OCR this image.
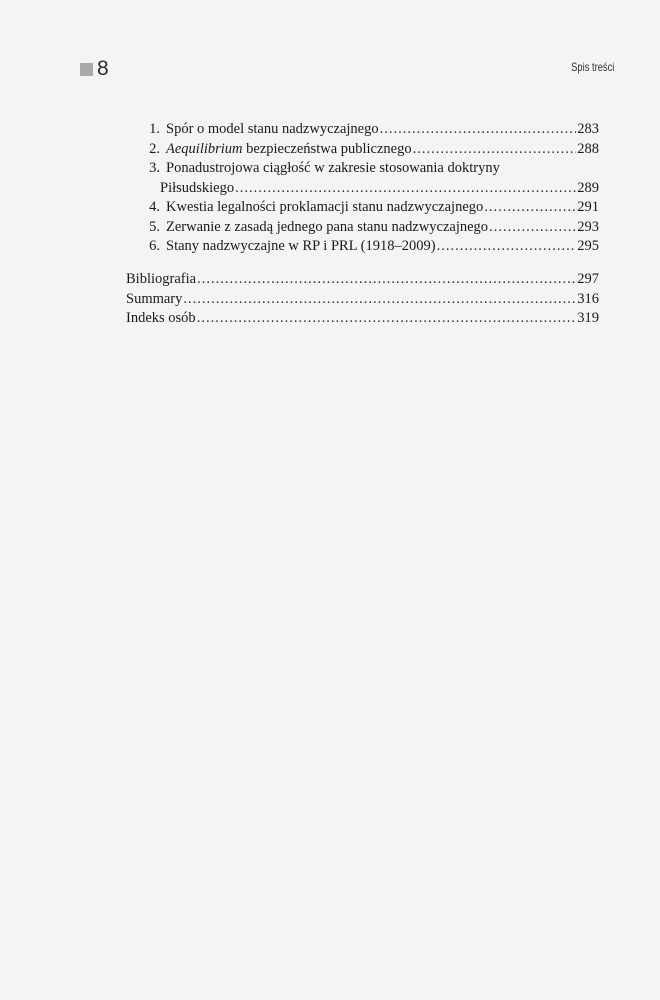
8	Spis treści
1. Spór o model stanu nadzwyczajnego .....	283
2. Aequilibrium bezpieczeństwa publicznego .....	288
3. Ponadustrojowa ciągłość w zakresie stosowania doktryny
Piłsudskiego .....	289
4. Kwestia legalności proklamacji stanu nadzwyczajnego .....	291
5. Zerwanie z zasadą jednego pana stanu nadzwyczajnego .....	293
6. Stany nadzwyczajne w RP i PRL (1918–2009) .....	295
Bibliografia .....	297
Summary .....	316
Indeks osób .....	319
